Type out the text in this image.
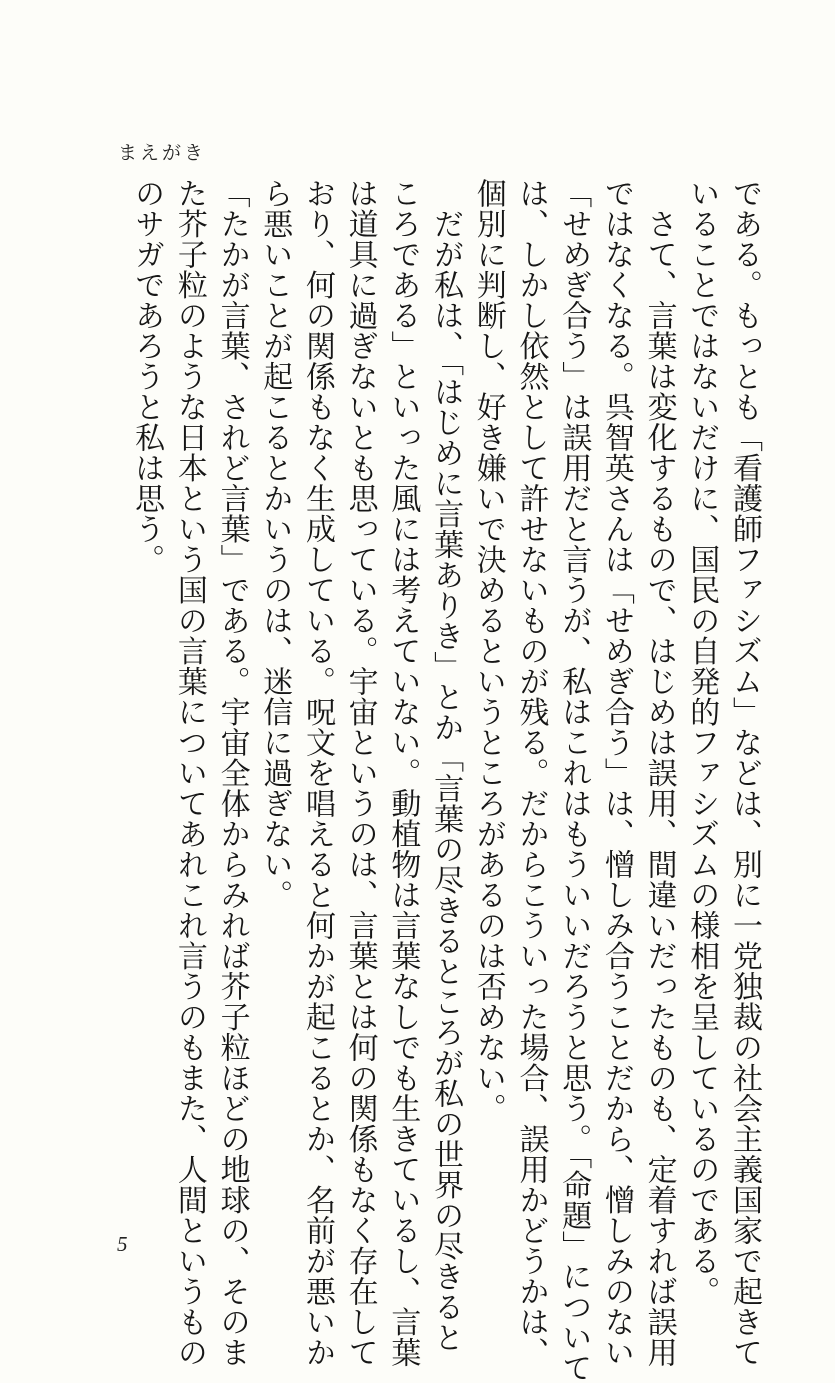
まえがき
である。もっとも「看護師ファシズム」などは、別に一党独裁の社会主義国家で起きて
いることではないだけに、国民の自発的ファシズムの様相を呈しているのである。
　さて、言葉は変化するもので、はじめは誤用、間違いだったものも、定着すれば誤用
ではなくなる。呉智英さんは「せめぎ合う」は、憎しみ合うことだから、憎しみのない
「せめぎ合う」は誤用だと言うが、私はこれはもういいだろうと思う。「命題」について
は、しかし依然として許せないものが残る。だからこういった場合、誤用かどうかは、
個別に判断し、好き嫌いで決めるというところがあるのは否めない。
　だが私は、「はじめに言葉ありき」とか「言葉の尽きるところが私の世界の尽きると
ころである」といった風には考えていない。動植物は言葉なしでも生きているし、言葉
は道具に過ぎないとも思っている。宇宙というのは、言葉とは何の関係もなく存在して
おり、何の関係もなく生成している。呪文を唱えると何かが起こるとか、名前が悪いか
ら悪いことが起こるとかいうのは、迷信に過ぎない。
「たかが言葉、されど言葉」である。宇宙全体からみれば芥子粒ほどの地球の、そのま
た芥子粒のような日本という国の言葉についてあれこれ言うのもまた、人間というもの
のサガであろうと私は思う。
5
